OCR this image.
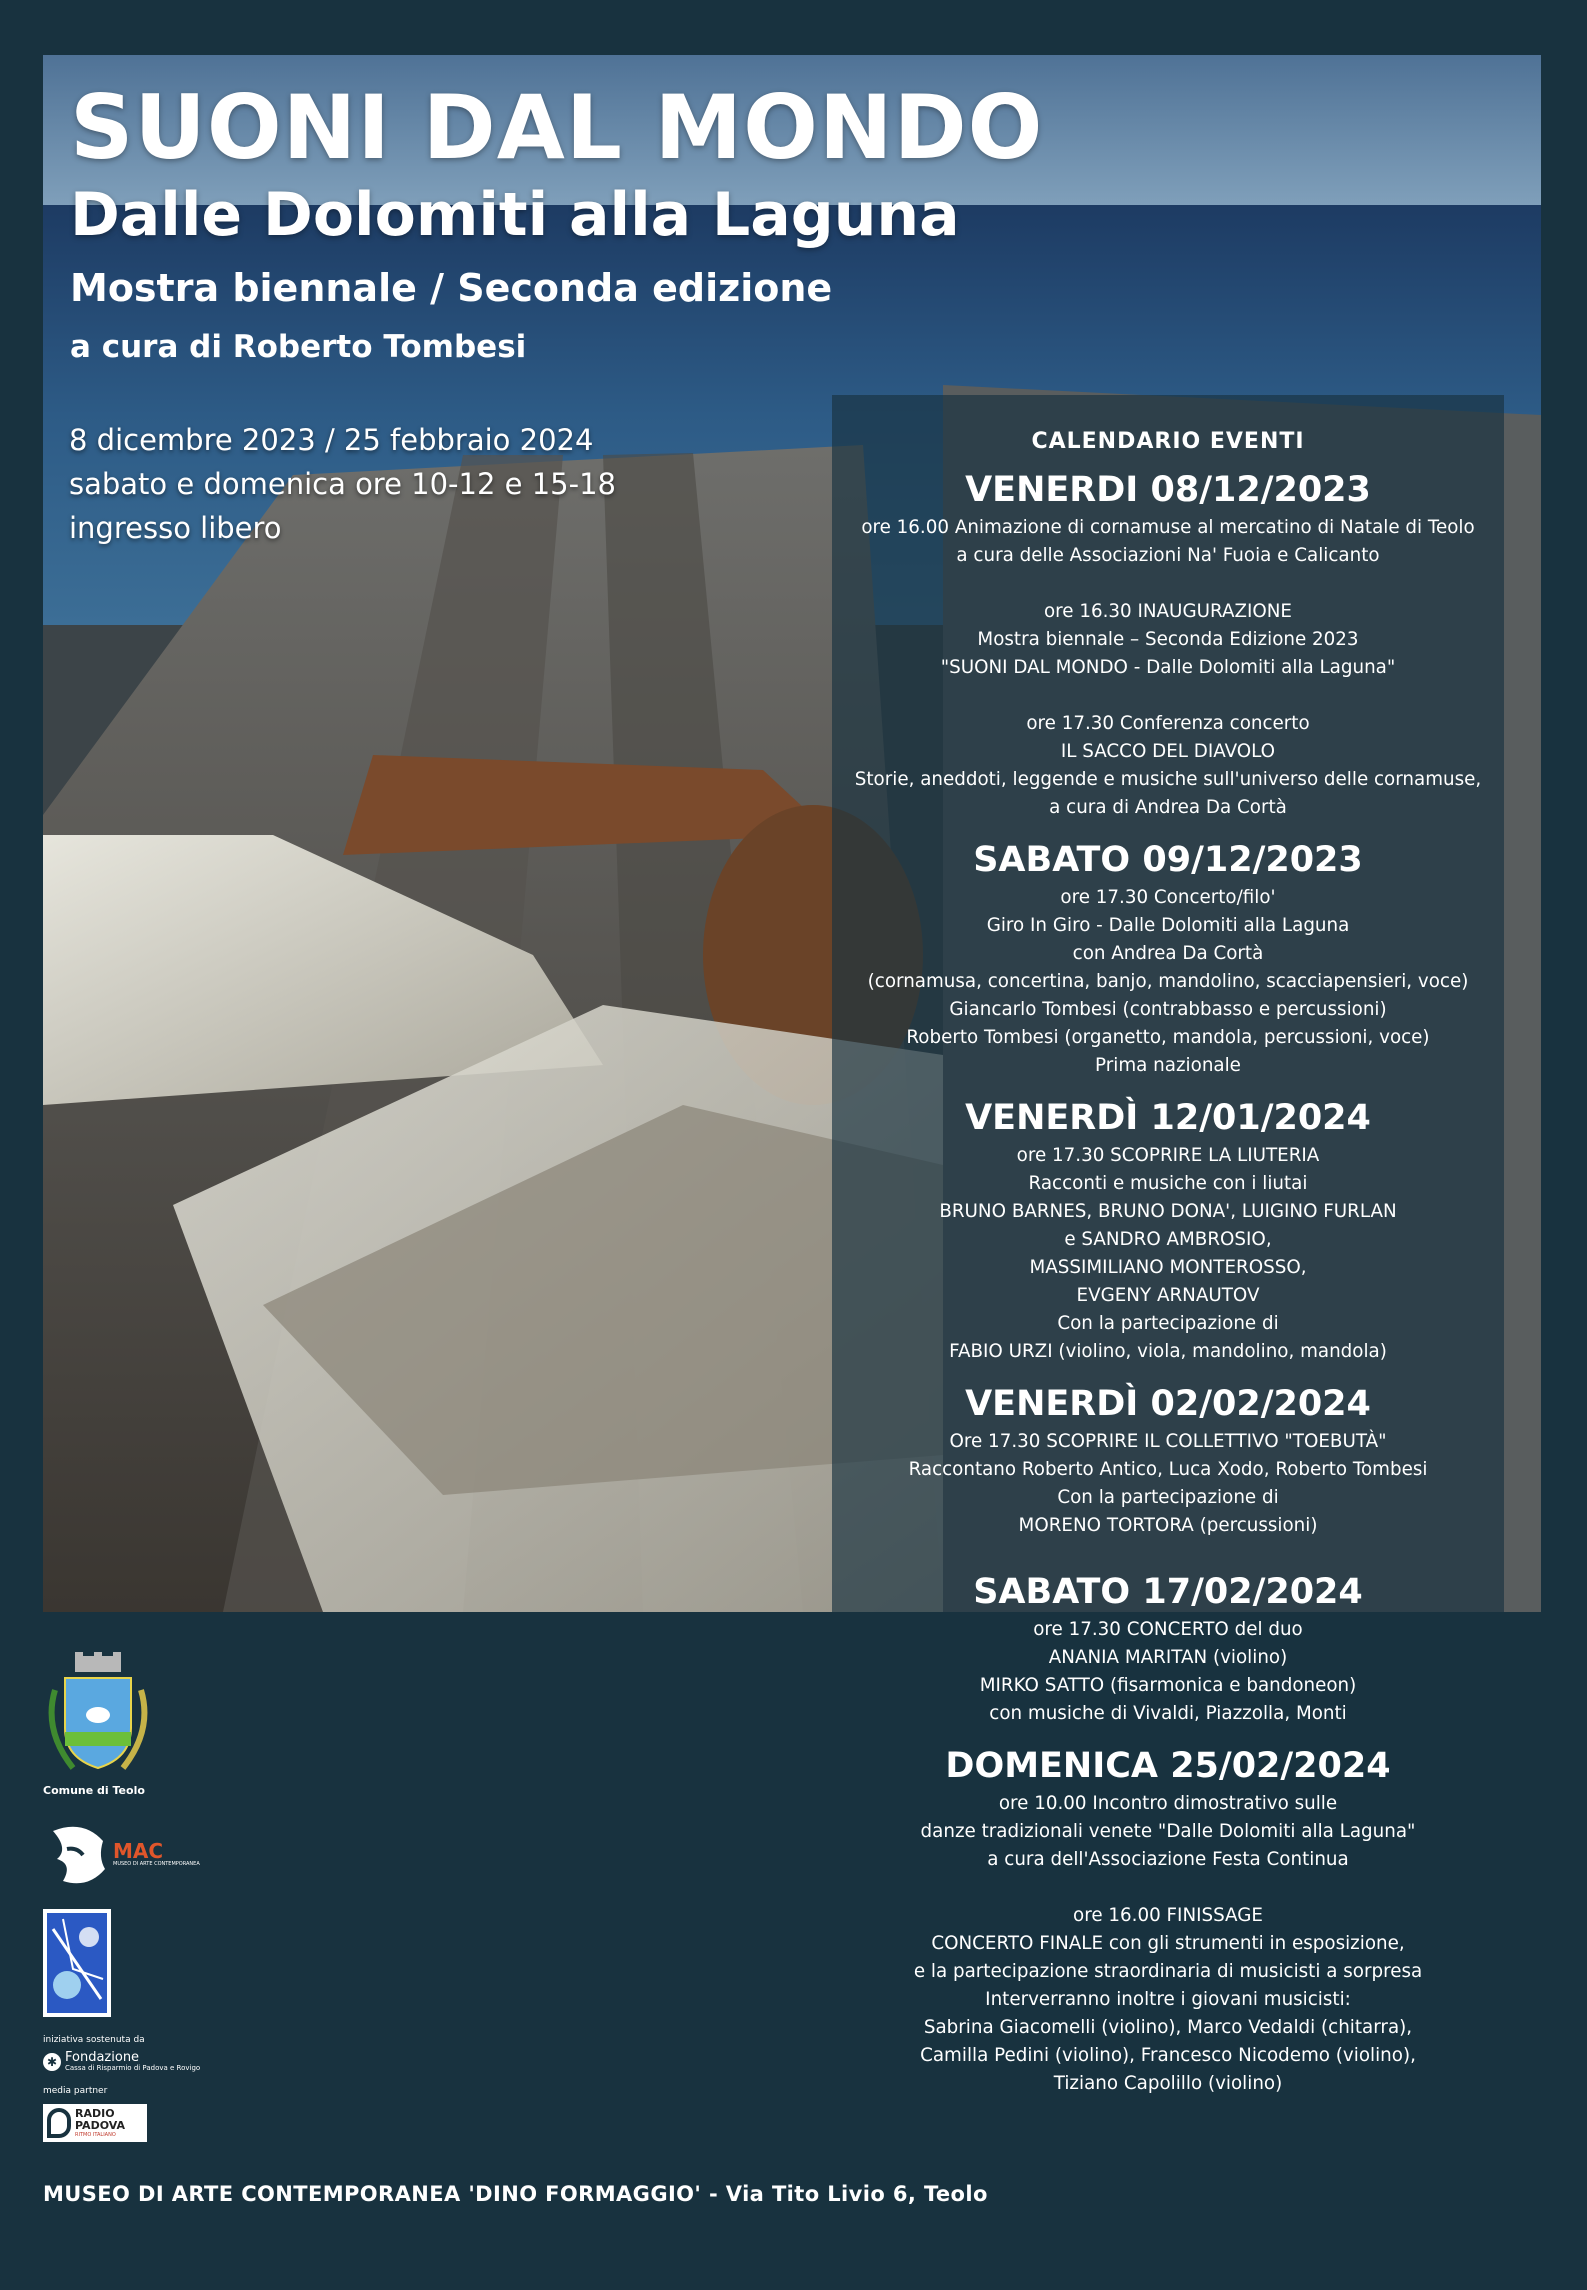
SUONI DAL MONDO
Dalle Dolomiti alla Laguna
Mostra biennale / Seconda edizione
a cura di Roberto Tombesi
8 dicembre 2023 / 25 febbraio 2024
sabato e domenica ore 10-12 e 15-18
ingresso libero
CALENDARIO EVENTI
VENERDI 08/12/2023
ore 16.00 Animazione di cornamuse al mercatino di Natale di Teolo
a cura delle Associazioni Na' Fuoia e Calicanto
ore 16.30 INAUGURAZIONE
Mostra biennale – Seconda Edizione 2023
"SUONI DAL MONDO - Dalle Dolomiti alla Laguna"
ore 17.30 Conferenza concerto
IL SACCO DEL DIAVOLO
Storie, aneddoti, leggende e musiche sull'universo delle cornamuse,
a cura di Andrea Da Cortà
SABATO 09/12/2023
ore 17.30 Concerto/filo'
Giro In Giro - Dalle Dolomiti alla Laguna
con Andrea Da Cortà
(cornamusa, concertina, banjo, mandolino, scacciapensieri, voce)
Giancarlo Tombesi (contrabbasso e percussioni)
Roberto Tombesi (organetto, mandola, percussioni, voce)
Prima nazionale
VENERDÌ 12/01/2024
ore 17.30 SCOPRIRE LA LIUTERIA
Racconti e musiche con i liutai
BRUNO BARNES, BRUNO DONA', LUIGINO FURLAN
e SANDRO AMBROSIO,
MASSIMILIANO MONTEROSSO,
EVGENY ARNAUTOV
Con la partecipazione di
FABIO URZI (violino, viola, mandolino, mandola)
VENERDÌ 02/02/2024
Ore 17.30 SCOPRIRE IL COLLETTIVO "TOEBUTÀ"
Raccontano Roberto Antico, Luca Xodo, Roberto Tombesi
Con la partecipazione di
MORENO TORTORA (percussioni)
SABATO 17/02/2024
ore 17.30 CONCERTO del duo
ANANIA MARITAN (violino)
MIRKO SATTO (fisarmonica e bandoneon)
con musiche di Vivaldi, Piazzolla, Monti
DOMENICA 25/02/2024
ore 10.00 Incontro dimostrativo sulle
danze tradizionali venete "Dalle Dolomiti alla Laguna"
a cura dell'Associazione Festa Continua
ore 16.00 FINISSAGE
CONCERTO FINALE con gli strumenti in esposizione,
e la partecipazione straordinaria di musicisti a sorpresa
Interverranno inoltre i giovani musicisti:
Sabrina Giacomelli (violino), Marco Vedaldi (chitarra),
Camilla Pedini (violino), Francesco Nicodemo (violino),
Tiziano Capolillo (violino)
Comune di Teolo
MAC
MUSEO DI ARTE CONTEMPORANEA
iniziativa sostenuta da
✱ Fondazione
Cassa di Risparmio di Padova e Rovigo
media partner
RADIO PADOVA
RITMO ITALIANO
MUSEO DI ARTE CONTEMPORANEA 'DINO FORMAGGIO' - Via Tito Livio 6, Teolo
